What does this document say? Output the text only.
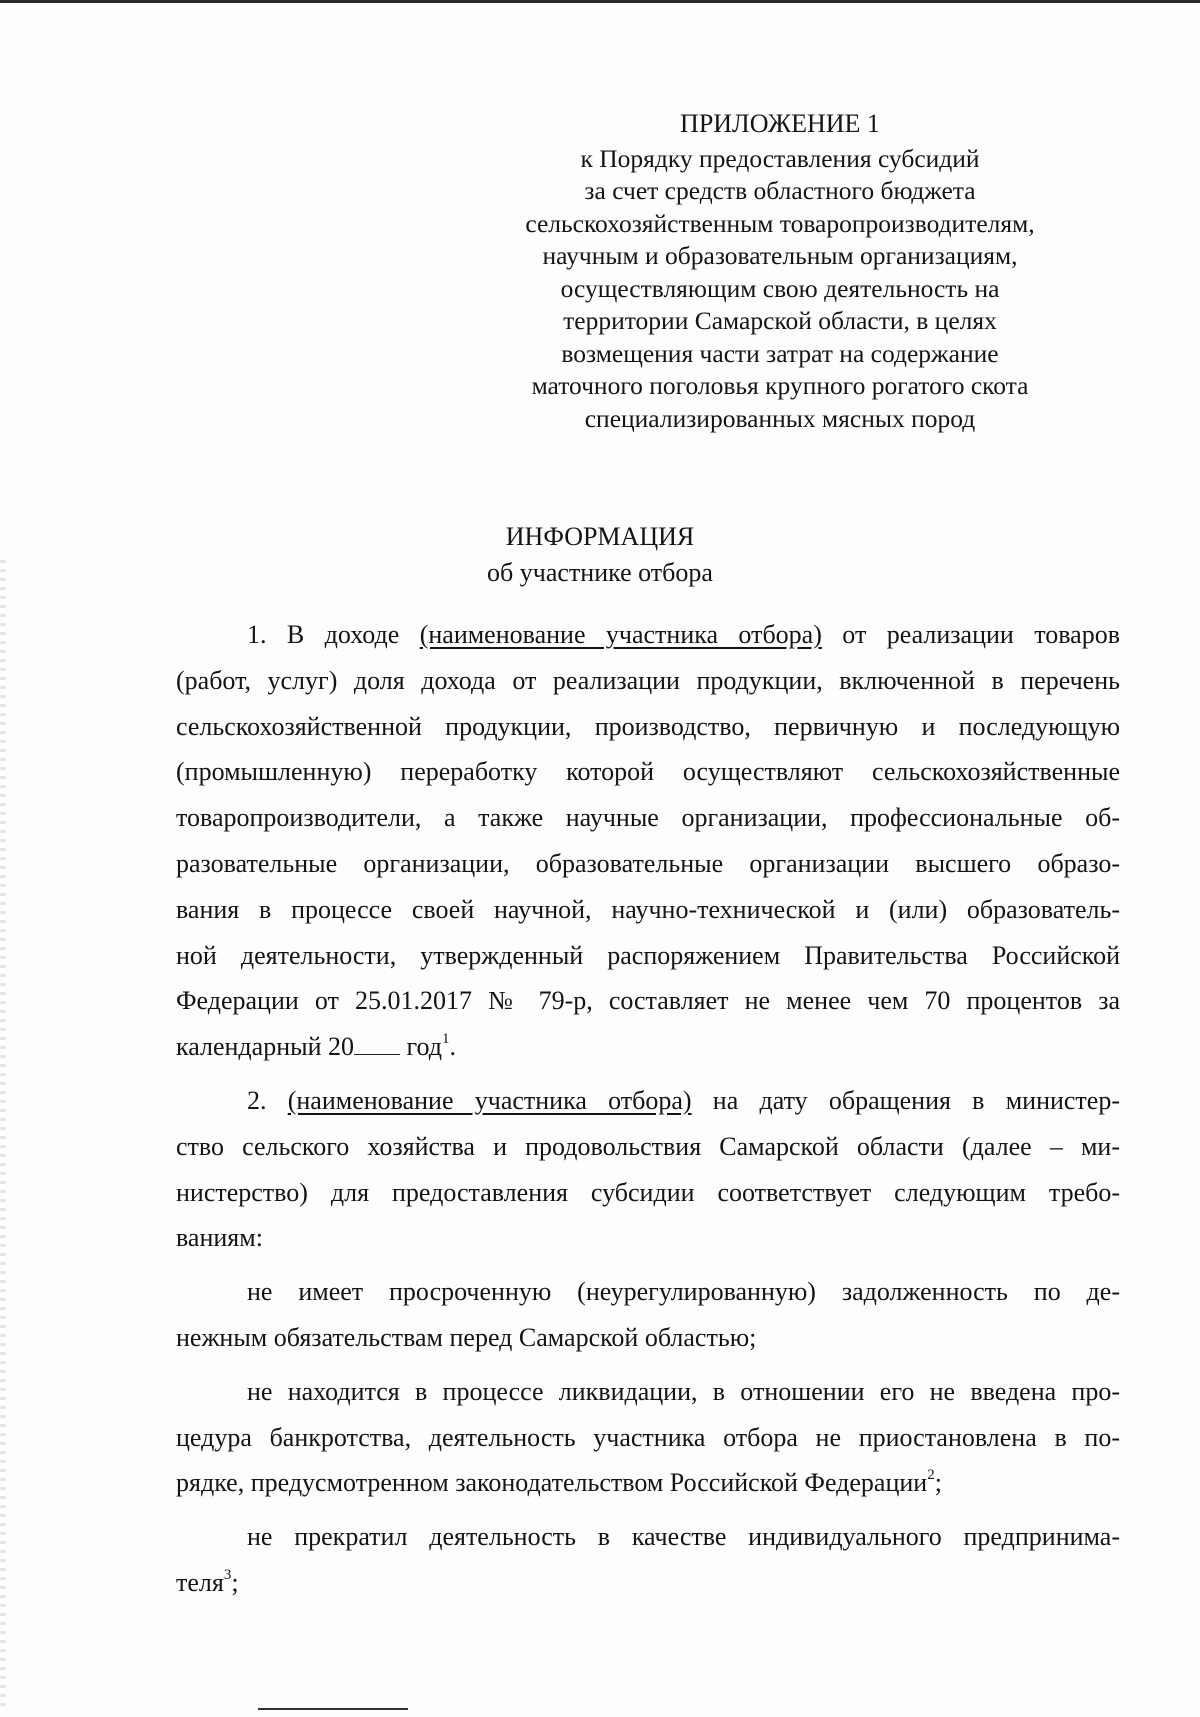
ПРИЛОЖЕНИЕ 1
к Порядку предоставления субсидий
за счет средств областного бюджета
сельскохозяйственным товаропроизводителям,
научным и образовательным организациям,
осуществляющим свою деятельность на
территории Самарской области, в целях
возмещения части затрат на содержание
маточного поголовья крупного рогатого скота
специализированных мясных пород
ИНФОРМАЦИЯ
об участнике отбора
1. В доходе (наименование участника отбора) от реализации товаров
(работ, услуг) доля дохода от реализации продукции, включенной в перечень
сельскохозяйственной продукции, производство, первичную и последующую
(промышленную) переработку которой осуществляют сельскохозяйственные
товаропроизводители, а также научные организации, профессиональные об-
разовательные организации, образовательные организации высшего образо-
вания в процессе своей научной, научно-технической и (или) образователь-
ной деятельности, утвержденный распоряжением Правительства Российской
Федерации от 25.01.2017 № 79-р, составляет не менее чем 70 процентов за
календарный 20 год$^1$.
2. (наименование участника отбора) на дату обращения в министер-
ство сельского хозяйства и продовольствия Самарской области (далее – ми-
нистерство) для предоставления субсидии соответствует следующим требо-
ваниям:
не имеет просроченную (неурегулированную) задолженность по де-
нежным обязательствам перед Самарской областью;
не находится в процессе ликвидации, в отношении его не введена про-
цедура банкротства, деятельность участника отбора не приостановлена в по-
рядке, предусмотренном законодательством Российской Федерации$^2$;
не прекратил деятельность в качестве индивидуального предпринима-
теля$^3$;
